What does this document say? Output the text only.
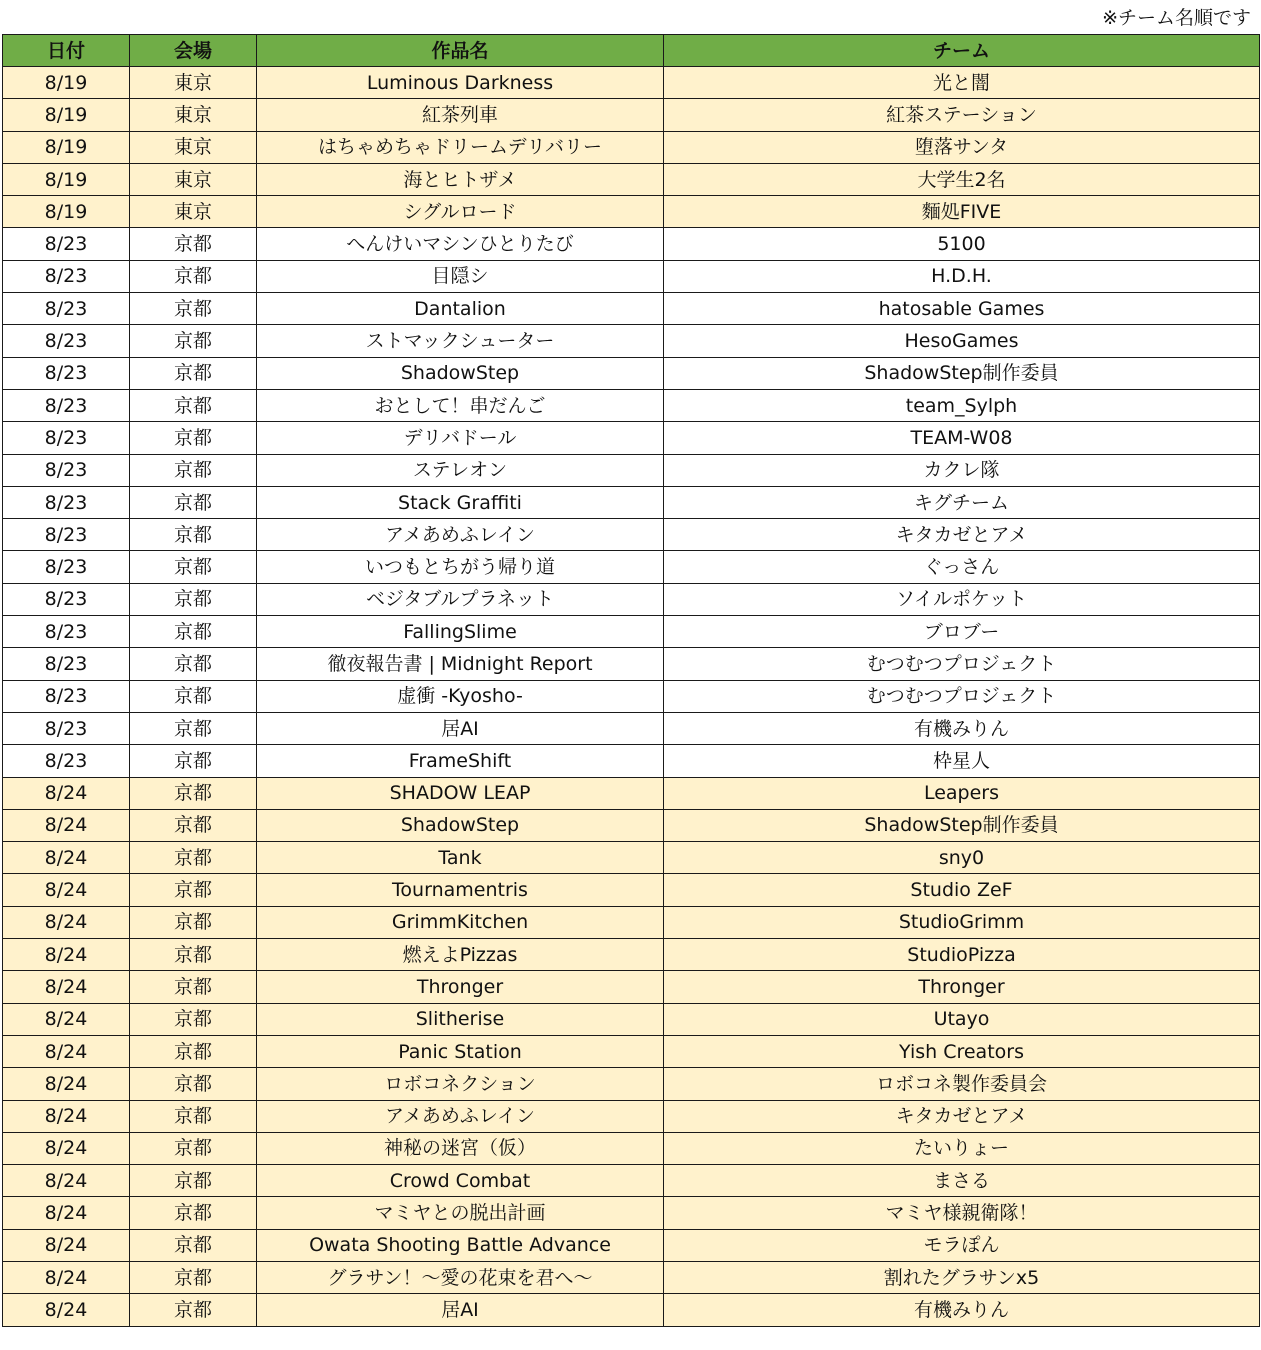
※チーム名順です
日付	会場	作品名	チーム
8/19	東京	Luminous Darkness	光と闇
8/19	東京	紅茶列車	紅茶ステーション
8/19	東京	はちゃめちゃドリームデリバリー	堕落サンタ
8/19	東京	海とヒトザメ	大学生2名
8/19	東京	シグルロード	麵処FIVE
8/23	京都	へんけいマシンひとりたび	5100
8/23	京都	目隠シ	H.D.H.
8/23	京都	Dantalion	hatosable Games
8/23	京都	ストマックシューター	HesoGames
8/23	京都	ShadowStep	ShadowStep制作委員
8/23	京都	おとして！串だんご	team_Sylph
8/23	京都	デリバドール	TEAM-W08
8/23	京都	ステレオン	カクレ隊
8/23	京都	Stack Graffiti	キグチーム
8/23	京都	アメあめふレイン	キタカゼとアメ
8/23	京都	いつもとちがう帰り道	ぐっさん
8/23	京都	ベジタブルプラネット	ソイルポケット
8/23	京都	FallingSlime	ブロブー
8/23	京都	徹夜報告書 | Midnight Report	むつむつプロジェクト
8/23	京都	虚衝 -Kyosho-	むつむつプロジェクト
8/23	京都	居AI	有機みりん
8/23	京都	FrameShift	枠星人
8/24	京都	SHADOW LEAP	Leapers
8/24	京都	ShadowStep	ShadowStep制作委員
8/24	京都	Tank	sny0
8/24	京都	Tournamentris	Studio ZeF
8/24	京都	GrimmKitchen	StudioGrimm
8/24	京都	燃えよPizzas	StudioPizza
8/24	京都	Thronger	Thronger
8/24	京都	Slitherise	Utayo
8/24	京都	Panic Station	Yish Creators
8/24	京都	ロボコネクション	ロボコネ製作委員会
8/24	京都	アメあめふレイン	キタカゼとアメ
8/24	京都	神秘の迷宮（仮）	たいりょー
8/24	京都	Crowd Combat	まさる
8/24	京都	マミヤとの脱出計画	マミヤ様親衛隊！
8/24	京都	Owata Shooting Battle Advance	モラぽん
8/24	京都	グラサン！～愛の花束を君へ～	割れたグラサンx5
8/24	京都	居AI	有機みりん
